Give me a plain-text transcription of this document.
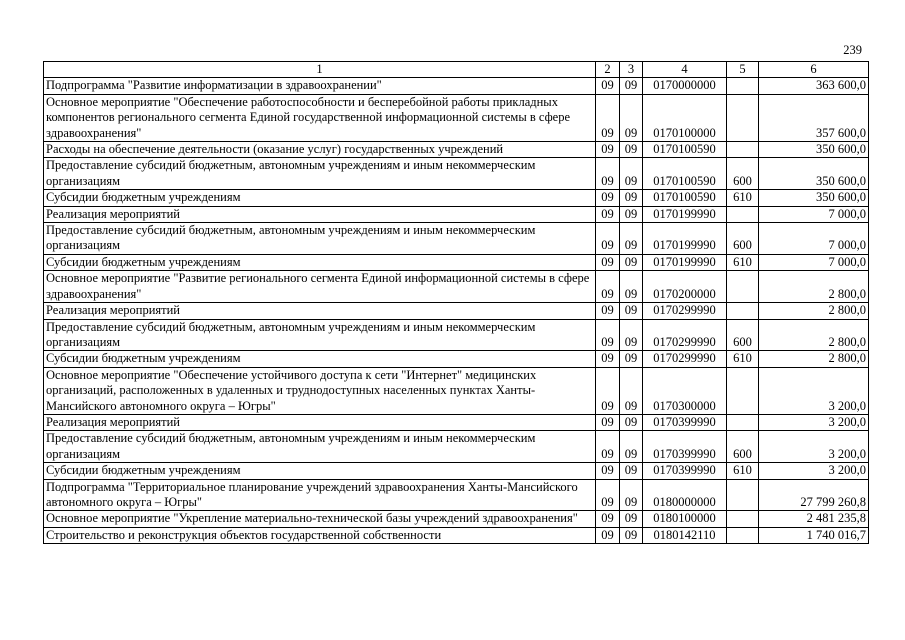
239
1	2	3	4	5	6
Подпрограмма "Развитие информатизации в здравоохранении"	09	09	0170000000		363 600,0
Основное мероприятие "Обеспечение работоспособности и бесперебойной работы прикладных компонентов регионального сегмента Единой государственной информационной системы в сфере здравоохранения"	09	09	0170100000		357 600,0
Расходы на обеспечение деятельности (оказание услуг) государственных учреждений	09	09	0170100590		350 600,0
Предоставление субсидий бюджетным, автономным учреждениям и иным некоммерческим организациям	09	09	0170100590	600	350 600,0
Субсидии бюджетным учреждениям	09	09	0170100590	610	350 600,0
Реализация мероприятий	09	09	0170199990		7 000,0
Предоставление субсидий бюджетным, автономным учреждениям и иным некоммерческим организациям	09	09	0170199990	600	7 000,0
Субсидии бюджетным учреждениям	09	09	0170199990	610	7 000,0
Основное мероприятие "Развитие регионального сегмента Единой информационной системы в сфере здравоохранения"	09	09	0170200000		2 800,0
Реализация мероприятий	09	09	0170299990		2 800,0
Предоставление субсидий бюджетным, автономным учреждениям и иным некоммерческим организациям	09	09	0170299990	600	2 800,0
Субсидии бюджетным учреждениям	09	09	0170299990	610	2 800,0
Основное мероприятие "Обеспечение устойчивого доступа к сети "Интернет" медицинских организаций, расположенных в удаленных и труднодоступных населенных пунктах Ханты-Мансийского автономного округа – Югры"	09	09	0170300000		3 200,0
Реализация мероприятий	09	09	0170399990		3 200,0
Предоставление субсидий бюджетным, автономным учреждениям и иным некоммерческим организациям	09	09	0170399990	600	3 200,0
Субсидии бюджетным учреждениям	09	09	0170399990	610	3 200,0
Подпрограмма "Территориальное планирование учреждений здравоохранения Ханты-Мансийского автономного округа – Югры"	09	09	0180000000		27 799 260,8
Основное мероприятие "Укрепление материально-технической базы учреждений здравоохранения"	09	09	0180100000		2 481 235,8
Строительство и реконструкция объектов государственной собственности	09	09	0180142110		1 740 016,7
